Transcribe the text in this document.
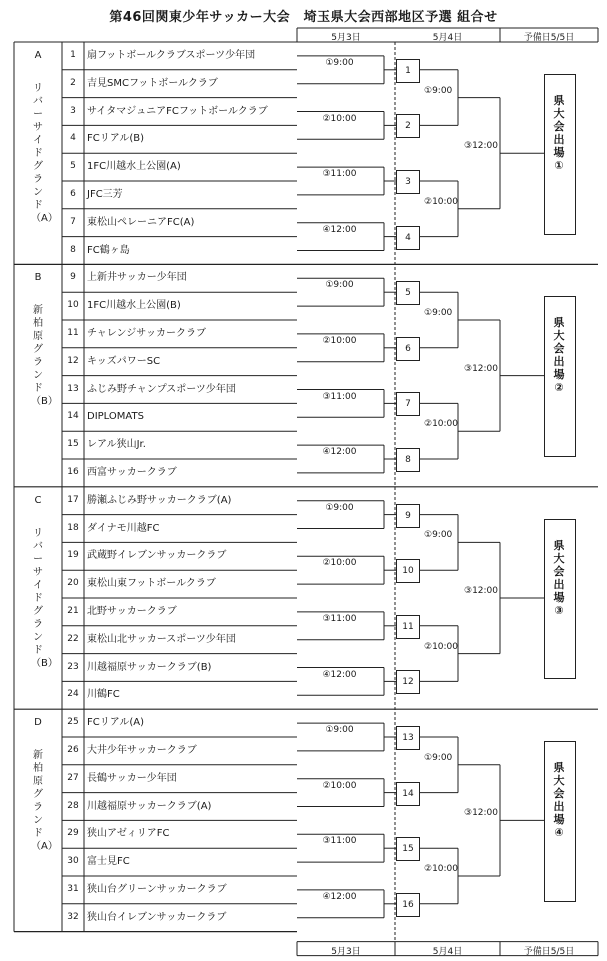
第46回関東少年サッカー大会　埼玉県大会西部地区予選 組合せ
5月3日
5月3日
5月4日
5月4日
予備日5/5日
予備日5/5日
A
リバーサイドグランド（A）
B
新柏原グランド（B）
C
リバーサイドグランド（B）
D
新柏原グランド（A）
1	扇フットボールクラブスポーツ少年団
2	吉見SMCフットボールクラブ
3	サイタマジュニアFCフットボールクラブ
4	FCリアル(B)
5	1FC川越水上公園(A)
6	JFC三芳
7	東松山ペレーニアFC(A)
8	FC鶴ヶ島
9	上新井サッカー少年団
10 1FC川越水上公園(B)
11 チャレンジサッカークラブ
12 キッズパワーSC
13 ふじみ野チャンプスポーツ少年団
14 DIPLOMATS
15 レアル狭山Jr.
16 西富サッカークラブ
17 勝瀬ふじみ野サッカークラブ(A)
18 ダイナモ川越FC
19 武蔵野イレブンサッカークラブ
20 東松山東フットボールクラブ
21 北野サッカークラブ
22 東松山北サッカースポーツ少年団
23 川越福原サッカークラブ(B)
24 川鶴FC
25 FCリアル(A)
26 大井少年サッカークラブ
27 長鶴サッカー少年団
28 川越福原サッカークラブ(A)
29 狭山アゼィリアFC
30 富士見FC
31 狭山台グリーンサッカークラブ
32 狭山台イレブンサッカークラブ
①9:00
1
②10:00
2
③11:00
3
④12:00
4
①9:00
②10:00
③12:00
県大会出場①
①9:00
5
②10:00
6
③11:00
7
④12:00
8
①9:00
②10:00
③12:00
県大会出場②
①9:00
9
②10:00
10
③11:00
11
④12:00
12
①9:00
②10:00
③12:00
県大会出場③
①9:00
13
②10:00
14
③11:00
15
④12:00
16
①9:00
②10:00
③12:00
県大会出場④
